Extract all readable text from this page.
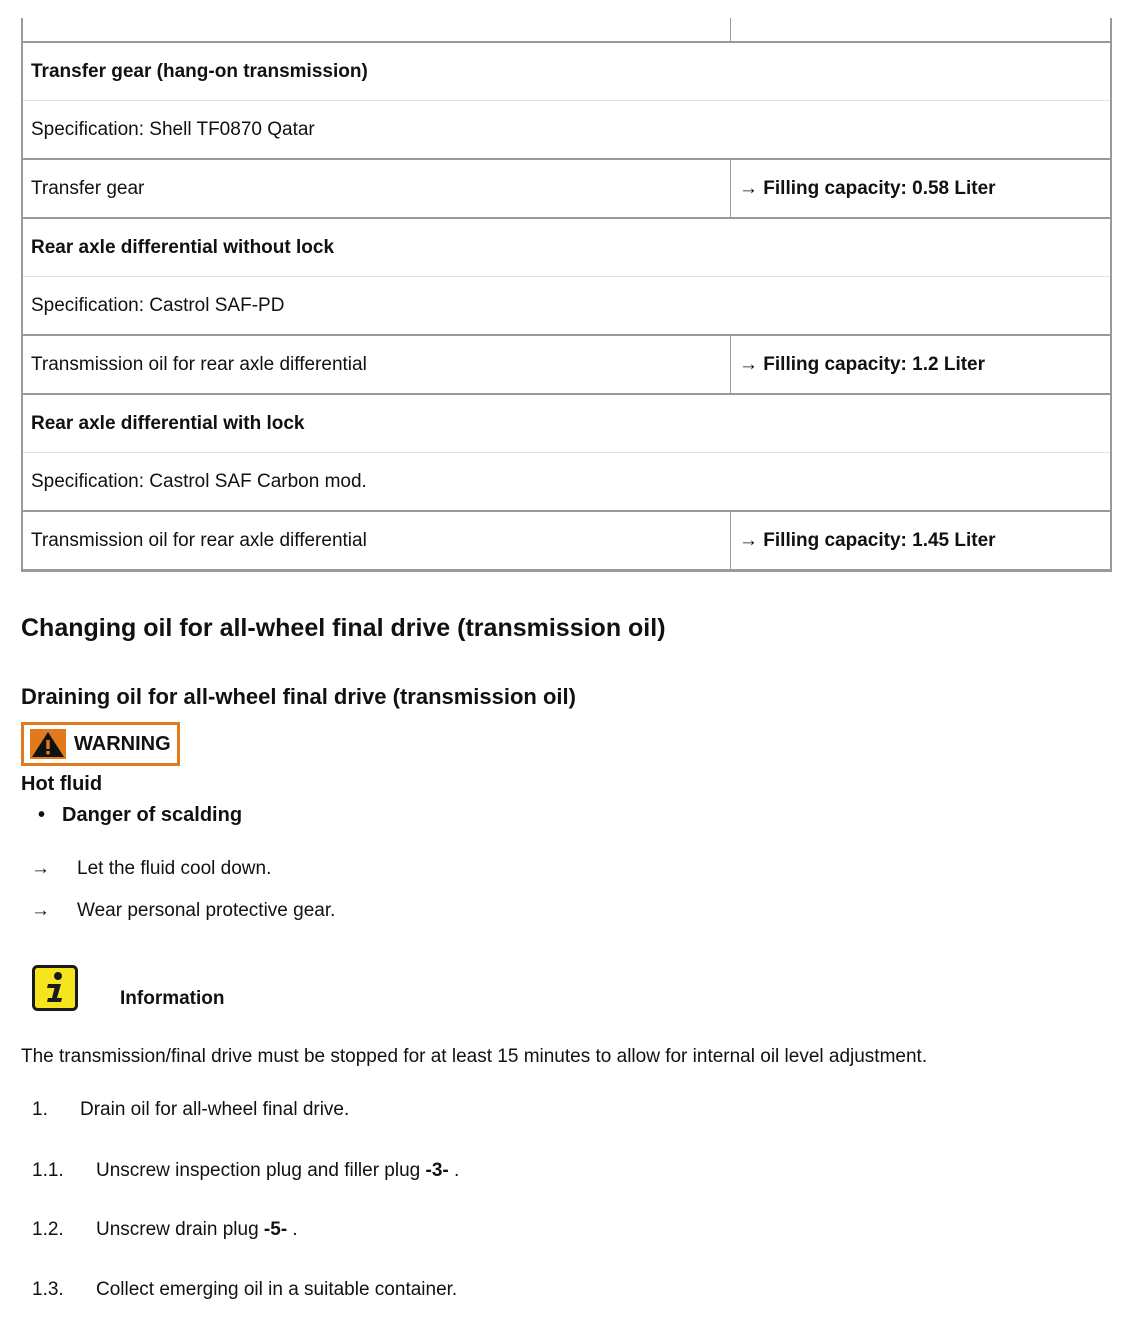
Transfer gear (hang-on transmission)	
Specification: Shell TF0870 Qatar	
Transfer gear	→ Filling capacity: 0.58 Liter
Rear axle differential without lock	
Specification: Castrol SAF-PD	
Transmission oil for rear axle differential	→ Filling capacity: 1.2 Liter
Rear axle differential with lock	
Specification: Castrol SAF Carbon mod.	
Transmission oil for rear axle differential	→ Filling capacity: 1.45 Liter
Changing oil for all-wheel final drive (transmission oil)
Draining oil for all-wheel final drive (transmission oil)
WARNING
Hot fluid
• Danger of scalding
→ Let the fluid cool down.
→ Wear personal protective gear.
Information
The transmission/final drive must be stopped for at least 15 minutes to allow for internal oil level adjustment.
1. Drain oil for all-wheel final drive.
1.1. Unscrew inspection plug and filler plug -3- .
1.2. Unscrew drain plug -5- .
1.3. Collect emerging oil in a suitable container.
